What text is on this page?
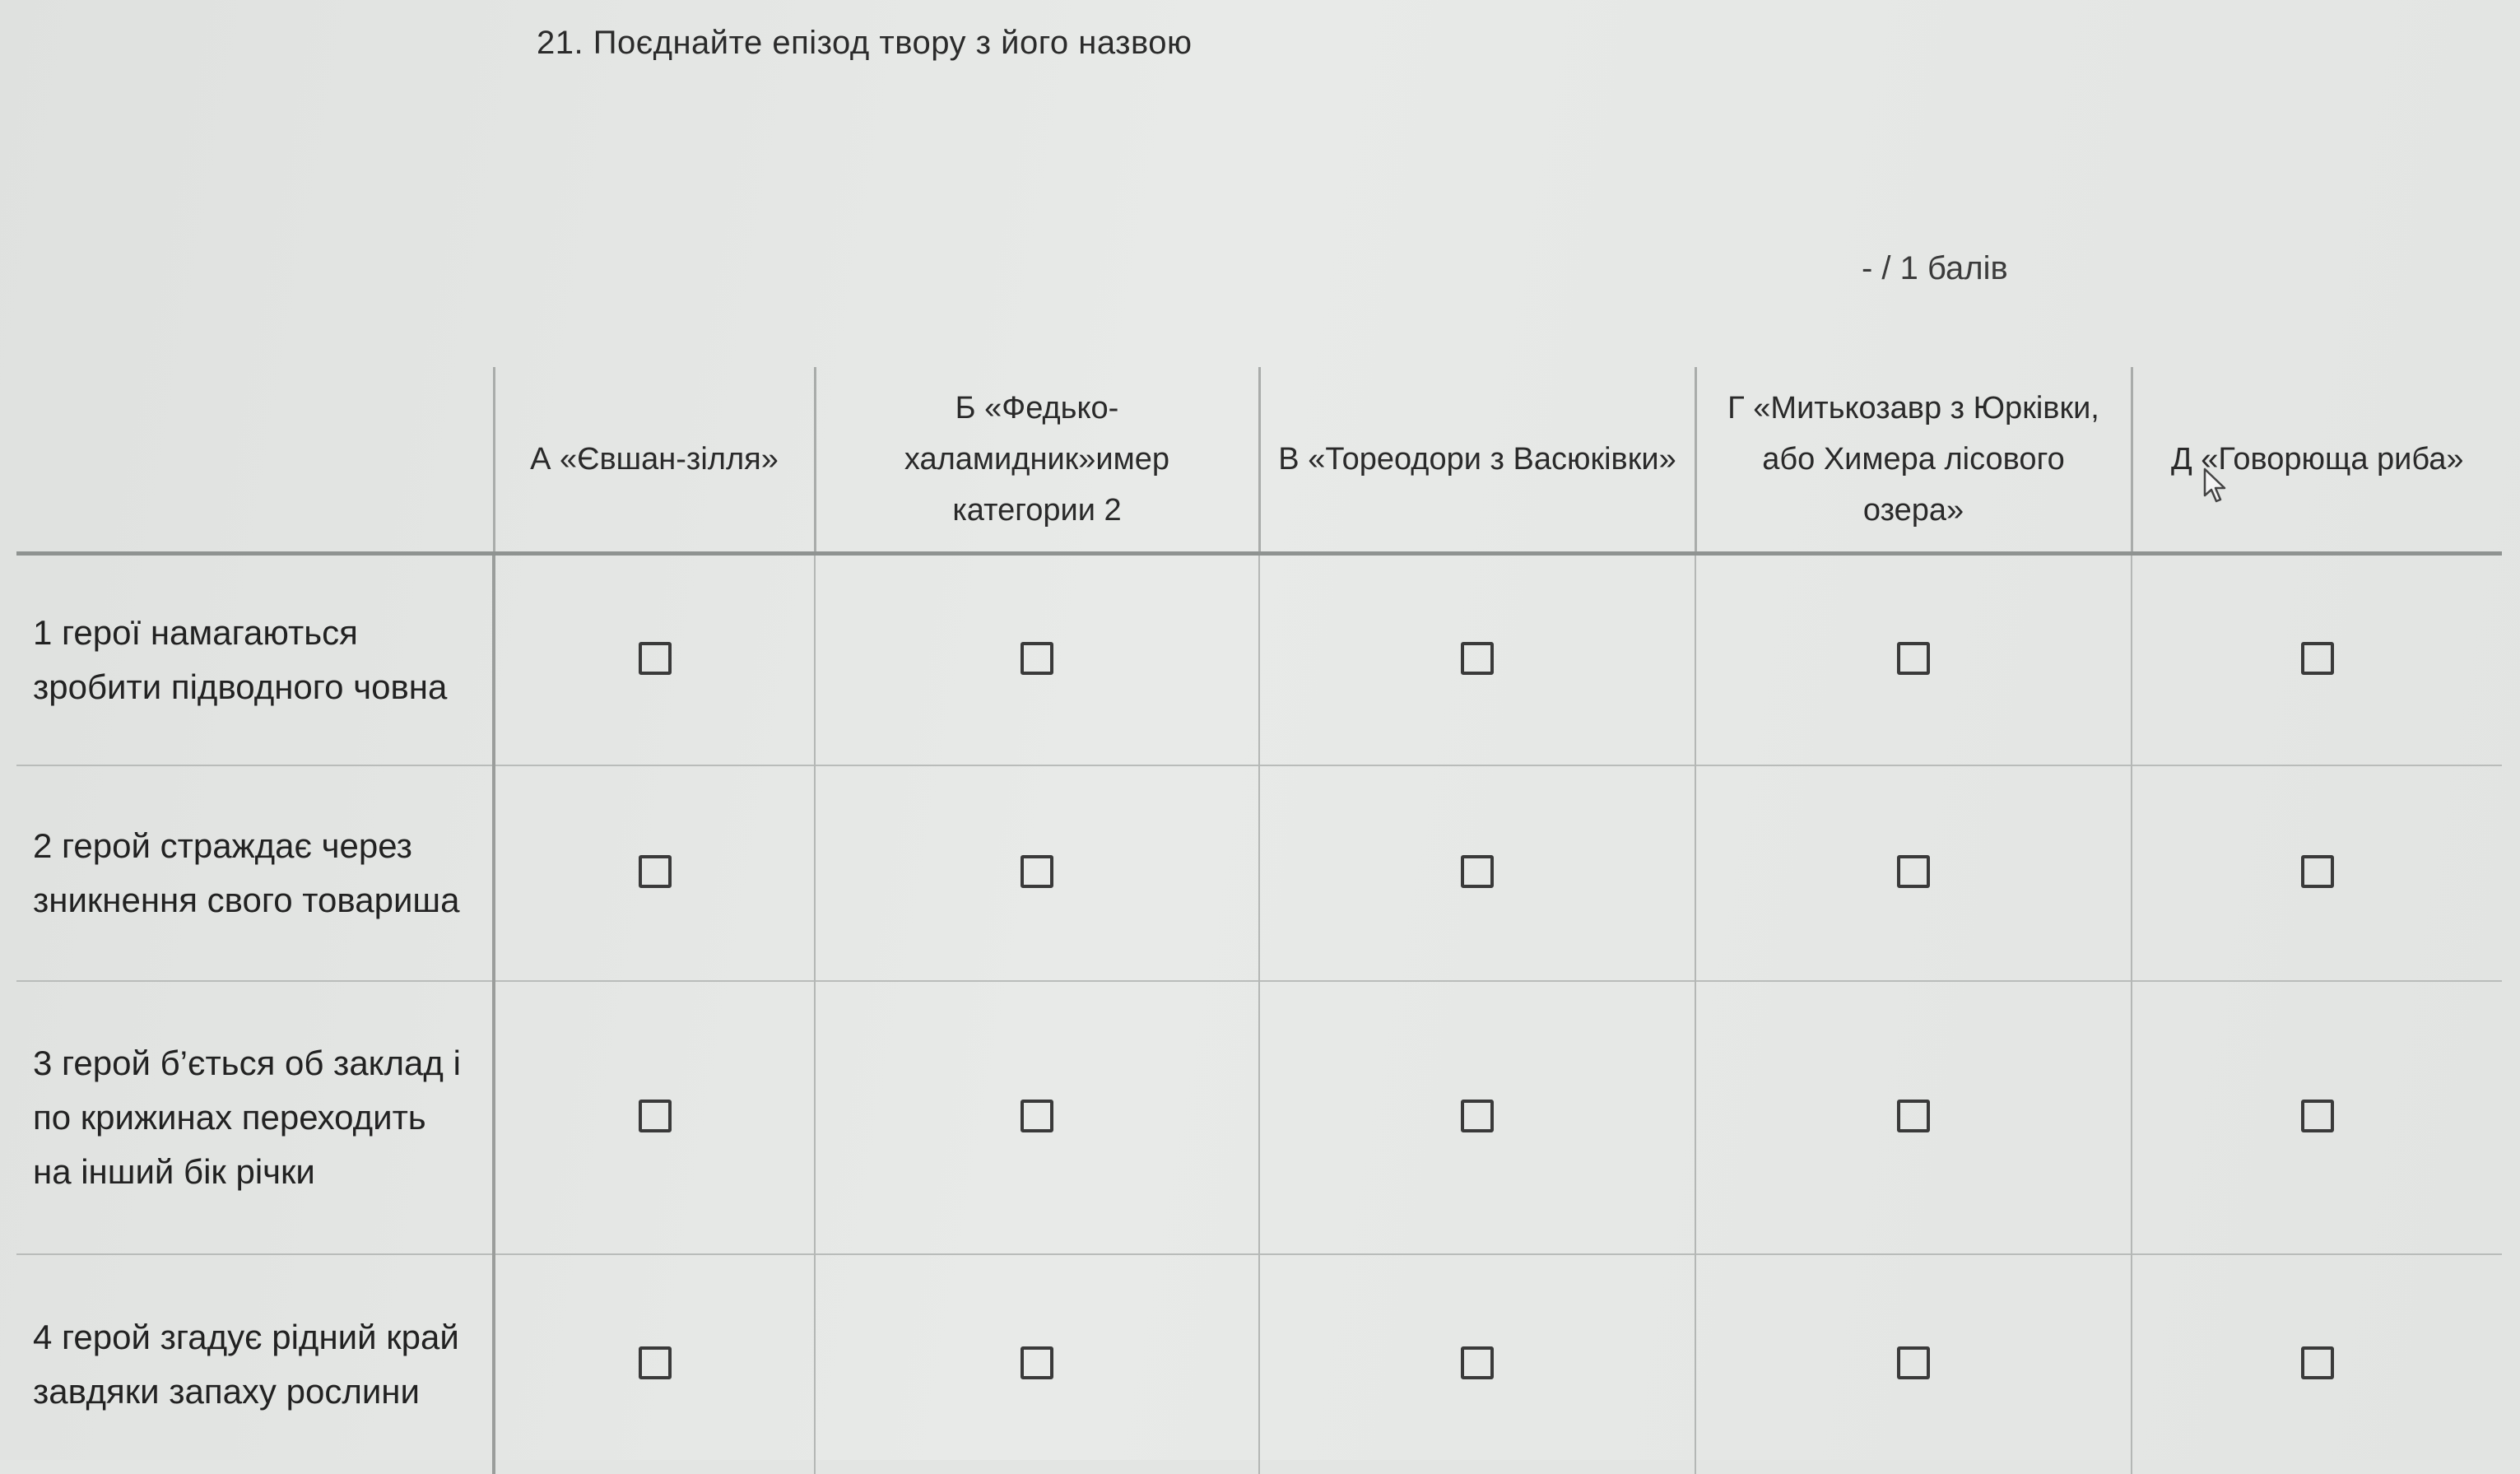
21. Поєднайте епізод твору з його назвою
- / 1 балів
	А «Євшан-зілля»	Б «Федько-халамидник»имер категории 2	В «Тореодори з Васюківки»	Г «Митькозавр з Юрківки, або Химера лісового озера»	Д «Говорюща риба»
1 герої намагаються зробити підводного човна					
2 герой страждає через зникнення свого товариша					
3 герой б’ється об заклад і по крижинах переходить на інший бік річки					
4 герой згадує рідний край завдяки запаху рослини					
